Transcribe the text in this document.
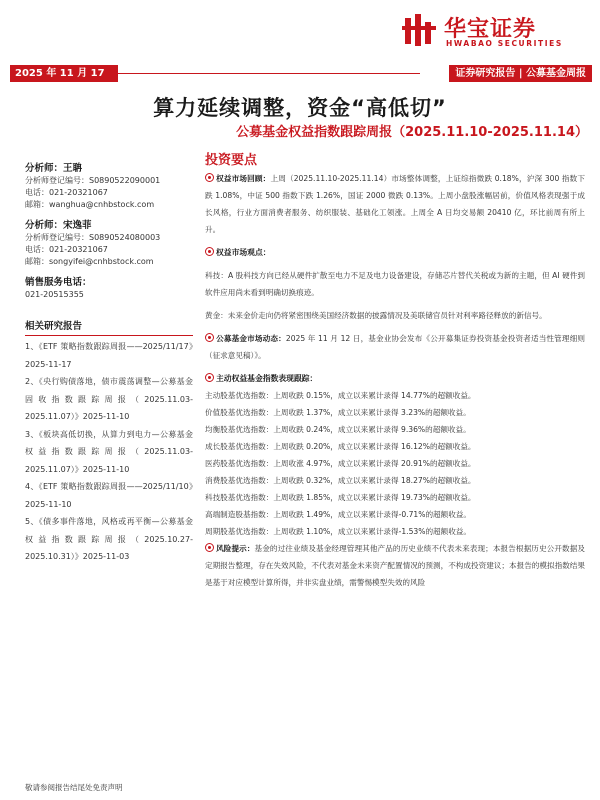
华宝证券
HWABAO SECURITIES
2025 年 11 月 17 日
证券研究报告 | 公募基金周报
算力延续调整，资金“高低切”
公募基金权益指数跟踪周报（2025.11.10-2025.11.14）
分析师：王聃
分析师登记编号：S0890522090001
电话：021-20321067
邮箱：wanghua@cnhbstock.com
分析师：宋逸菲
分析师登记编号：S0890524080003
电话：021-20321067
邮箱：songyifei@cnhbstock.com
销售服务电话：
021-20515355
相关研究报告
1、《ETF 策略指数跟踪周报——2025/11/17》2025-11-17
2、《央行购债落地，债市震荡调整—公募基金固收指数跟踪周报（2025.11.03-2025.11.07）》2025-11-10
3、《板块高低切换，从算力到电力—公募基金权益指数跟踪周报（2025.11.03-2025.11.07）》2025-11-10
4、《ETF 策略指数跟踪周报——2025/11/10》2025-11-10
5、《债多事件落地，风格或再平衡—公募基金权益指数跟踪周报（2025.10.27-2025.10.31）》2025-11-03
投资要点
权益市场回顾：上周（2025.11.10-2025.11.14）市场整体调整，上证综指微跌 0.18%，沪深 300 指数下跌 1.08%，中证 500 指数下跌 1.26%，国证 2000 微跌 0.13%。上周小盘股涨幅居前，价值风格表现强于成长风格，行业方面消费者服务、纺织服装、基础化工领涨。上周全 A 日均交易额 20410 亿，环比前周有所上升。
权益市场观点：
科技：A 股科技方向已经从硬件扩散至电力不足及电力设备建设，存储芯片替代关税或为新的主题，但 AI 硬件到软件应用尚未看到明确切换痕迹。
黄金：未来金价走向仍将紧密围绕美国经济数据的披露情况及美联储官员针对利率路径释放的新信号。
公募基金市场动态：2025 年 11 月 12 日，基金业协会发布《公开募集证券投资基金投资者适当性管理细则（征求意见稿）》。
主动权益基金指数表现跟踪：
主动股基优选指数：上周收跌 0.15%，成立以来累计录得 14.77%的超额收益。
价值股基优选指数：上周收跌 1.37%，成立以来累计录得 3.23%的超额收益。
均衡股基优选指数：上周收跌 0.24%，成立以来累计录得 9.36%的超额收益。
成长股基优选指数：上周收跌 0.20%，成立以来累计录得 16.12%的超额收益。
医药股基优选指数：上周收涨 4.97%，成立以来累计录得 20.91%的超额收益。
消费股基优选指数：上周收跌 0.32%，成立以来累计录得 18.27%的超额收益。
科技股基优选指数：上周收跌 1.85%，成立以来累计录得 19.73%的超额收益。
高端制造股基指数：上周收跌 1.49%，成立以来累计录得-0.71%的超额收益。
周期股基优选指数：上周收跌 1.10%，成立以来累计录得-1.53%的超额收益。
风险提示：基金的过往业绩及基金经理管理其他产品的历史业绩不代表未来表现；本报告根据历史公开数据及定期报告整理，存在失效风险，不代表对基金未来资产配置情况的预测，不构成投资建议；本报告的模拟指数结果是基于对应模型计算所得，并非实盘业绩，需警惕模型失效的风险
敬请参阅报告结尾处免责声明
